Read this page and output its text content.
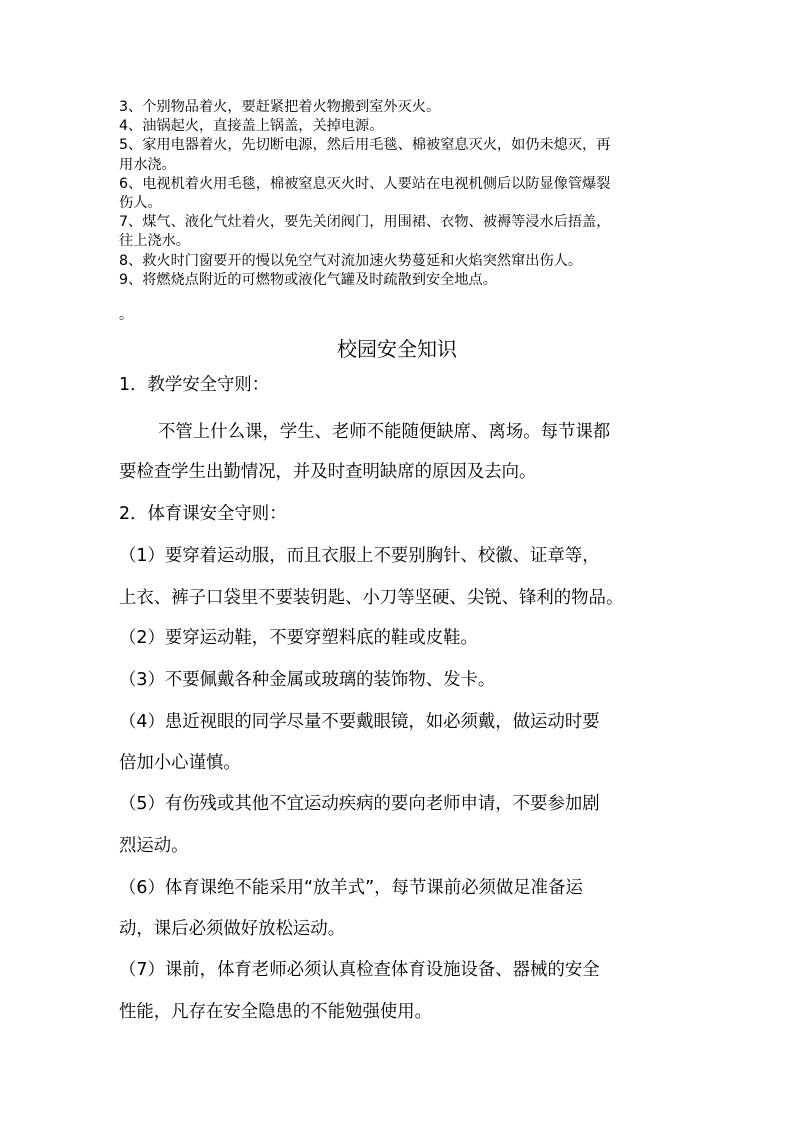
3、个别物品着火，要赶紧把着火物搬到室外灭火。
4、油锅起火，直接盖上锅盖，关掉电源。
5、家用电器着火，先切断电源，然后用毛毯、棉被窒息灭火，如仍未熄灭，再
用水浇。
6、电视机着火用毛毯，棉被窒息灭火时、人要站在电视机侧后以防显像管爆裂
伤人。
7、煤气、液化气灶着火，要先关闭阀门，用围裙、衣物、被褥等浸水后捂盖，
往上浇水。
8、救火时门窗要开的慢以免空气对流加速火势蔓延和火焰突然窜出伤人。
9、将燃烧点附近的可燃物或液化气罐及时疏散到安全地点。
。
校园安全知识
1．教学安全守则：
不管上什么课，学生、老师不能随便缺席、离场。每节课都
要检查学生出勤情况，并及时查明缺席的原因及去向。
2．体育课安全守则：
（1）要穿着运动服，而且衣服上不要别胸针、校徽、证章等，
上衣、裤子口袋里不要装钥匙、小刀等坚硬、尖锐、锋利的物品。
（2）要穿运动鞋，不要穿塑料底的鞋或皮鞋。
（3）不要佩戴各种金属或玻璃的装饰物、发卡。
（4）患近视眼的同学尽量不要戴眼镜，如必须戴，做运动时要
倍加小心谨慎。
（5）有伤残或其他不宜运动疾病的要向老师申请，不要参加剧
烈运动。
（6）体育课绝不能采用“放羊式”，每节课前必须做足准备运
动，课后必须做好放松运动。
（7）课前，体育老师必须认真检查体育设施设备、器械的安全
性能，凡存在安全隐患的不能勉强使用。
